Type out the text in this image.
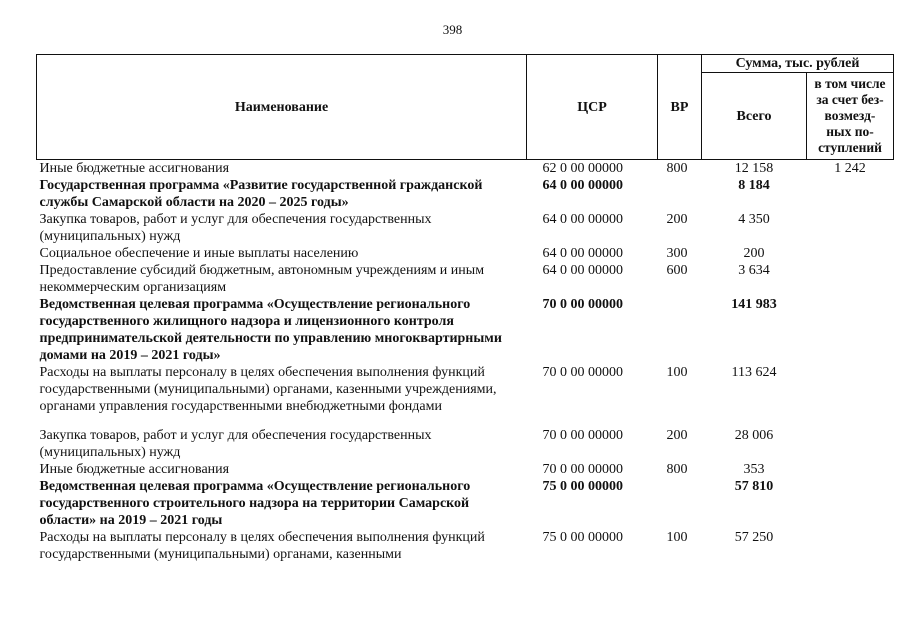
398
Наименование	ЦСР	ВР	Сумма, тыс. рублей	
			Всего	в том числе
за счет без-
возмезд-
ных по-
ступлений
Иные бюджетные ассигнования	62 0 00 00000	800	12 158	1 242
Государственная программа «Развитие государственной гражданской службы Самарской области на 2020 – 2025 годы»	64 0 00 00000		8 184	
Закупка товаров, работ и услуг для обеспечения государственных (муниципальных) нужд	64 0 00 00000	200	4 350	
Социальное обеспечение и иные выплаты населению	64 0 00 00000	300	200	
Предоставление субсидий бюджетным, автономным учреждениям и иным некоммерческим организациям	64 0 00 00000	600	3 634	
Ведомственная целевая программа «Осуществление регионального государственного жилищного надзора и лицензионного контроля предпринимательской деятельности по управлению многоквартирными домами на 2019 – 2021 годы»	70 0 00 00000		141 983	
Расходы на выплаты персоналу в целях обеспечения выполнения функций государственными (муниципальными) органами, казенными учреждениями, органами управления государственными внебюджетными фондами	70 0 00 00000	100	113 624	
Закупка товаров, работ и услуг для обеспечения государственных (муниципальных) нужд	70 0 00 00000	200	28 006	
Иные бюджетные ассигнования	70 0 00 00000	800	353	
Ведомственная целевая программа «Осуществление регионального государственного строительного надзора на территории Самарской области» на 2019 – 2021 годы	75 0 00 00000		57 810	
Расходы на выплаты персоналу в целях обеспечения выполнения функций государственными (муниципальными) органами, казенными	75 0 00 00000	100	57 250	
